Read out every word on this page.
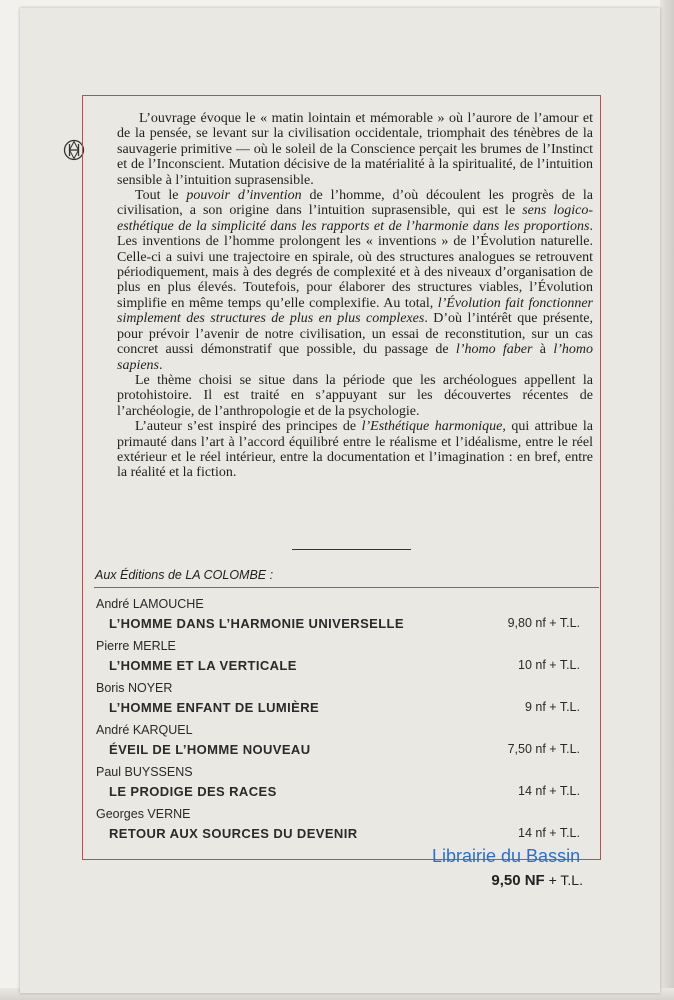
L’ouvrage évoque le « matin lointain et mémorable » où l’aurore de l’amour et de la pensée, se levant sur la civilisation occidentale, triomphait des ténèbres de la sauvagerie primitive — où le soleil de la Conscience perçait les brumes de l’Instinct et de l’Inconscient. Mutation décisive de la matérialité à la spiritualité, de l’intuition sensible à l’intuition suprasensible.

Tout le pouvoir d’invention de l’homme, d’où découlent les progrès de la civilisation, a son origine dans l’intuition suprasensible, qui est le sens logico-esthétique de la simplicité dans les rapports et de l’harmonie dans les proportions. Les inventions de l’homme prolongent les « inventions » de l’Évolution naturelle. Celle-ci a suivi une trajectoire en spirale, où des structures analogues se retrouvent périodiquement, mais à des degrés de complexité et à des niveaux d’organisation de plus en plus élevés. Toutefois, pour élaborer des structures viables, l’Évolution simplifie en même temps qu’elle complexifie. Au total, l’Évolution fait fonctionner simplement des structures de plus en plus complexes. D’où l’intérêt que présente, pour prévoir l’avenir de notre civilisation, un essai de reconstitution, sur un cas concret aussi démonstratif que possible, du passage de l’homo faber à l’homo sapiens.

Le thème choisi se situe dans la période que les archéologues appellent la protohistoire. Il est traité en s’appuyant sur les découvertes récentes de l’archéologie, de l’anthropologie et de la psychologie.

L’auteur s’est inspiré des principes de l’Esthétique harmonique, qui attribue la primauté dans l’art à l’accord équilibré entre le réalisme et l’idéalisme, entre le réel extérieur et le réel intérieur, entre la documentation et l’imagination : en bref, entre la réalité et la fiction.

Aux Éditions de LA COLOMBE :
André LAMOUCHE
L’HOMME DANS L’HARMONIE UNIVERSELLE	9,80 nf + T.L.
Pierre MERLE
L’HOMME ET LA VERTICALE	10 nf + T.L.
Boris NOYER
L’HOMME ENFANT DE LUMIÈRE	9 nf + T.L.
André KARQUEL
ÉVEIL DE L’HOMME NOUVEAU	7,50 nf + T.L.
Paul BUYSSENS
LE PRODIGE DES RACES	14 nf + T.L.
Georges VERNE
RETOUR AUX SOURCES DU DEVENIR	14 nf + T.L.
9,50 NF + T.L.
Librairie du Bassin
